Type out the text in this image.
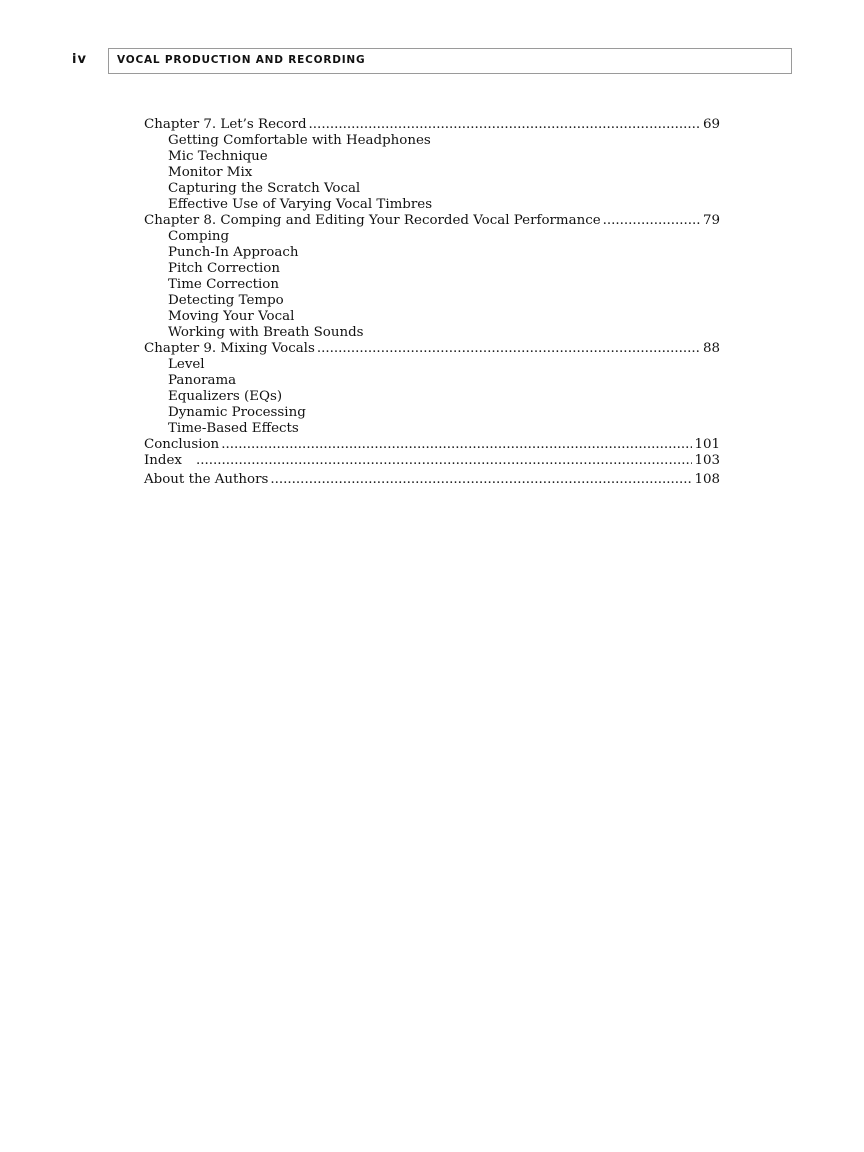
iv	VOCAL PRODUCTION AND RECORDING
Chapter 7. Let’s Record .....	69
Getting Comfortable with Headphones
Mic Technique
Monitor Mix
Capturing the Scratch Vocal
Effective Use of Varying Vocal Timbres
Chapter 8. Comping and Editing Your Recorded Vocal Performance .....	79
Comping
Punch-In Approach
Pitch Correction
Time Correction
Detecting Tempo
Moving Your Vocal
Working with Breath Sounds
Chapter 9. Mixing Vocals .....	88
Level
Panorama
Equalizers (EQs)
Dynamic Processing
Time-Based Effects
Conclusion .....	101
Index .....	103
About the Authors .....	108
